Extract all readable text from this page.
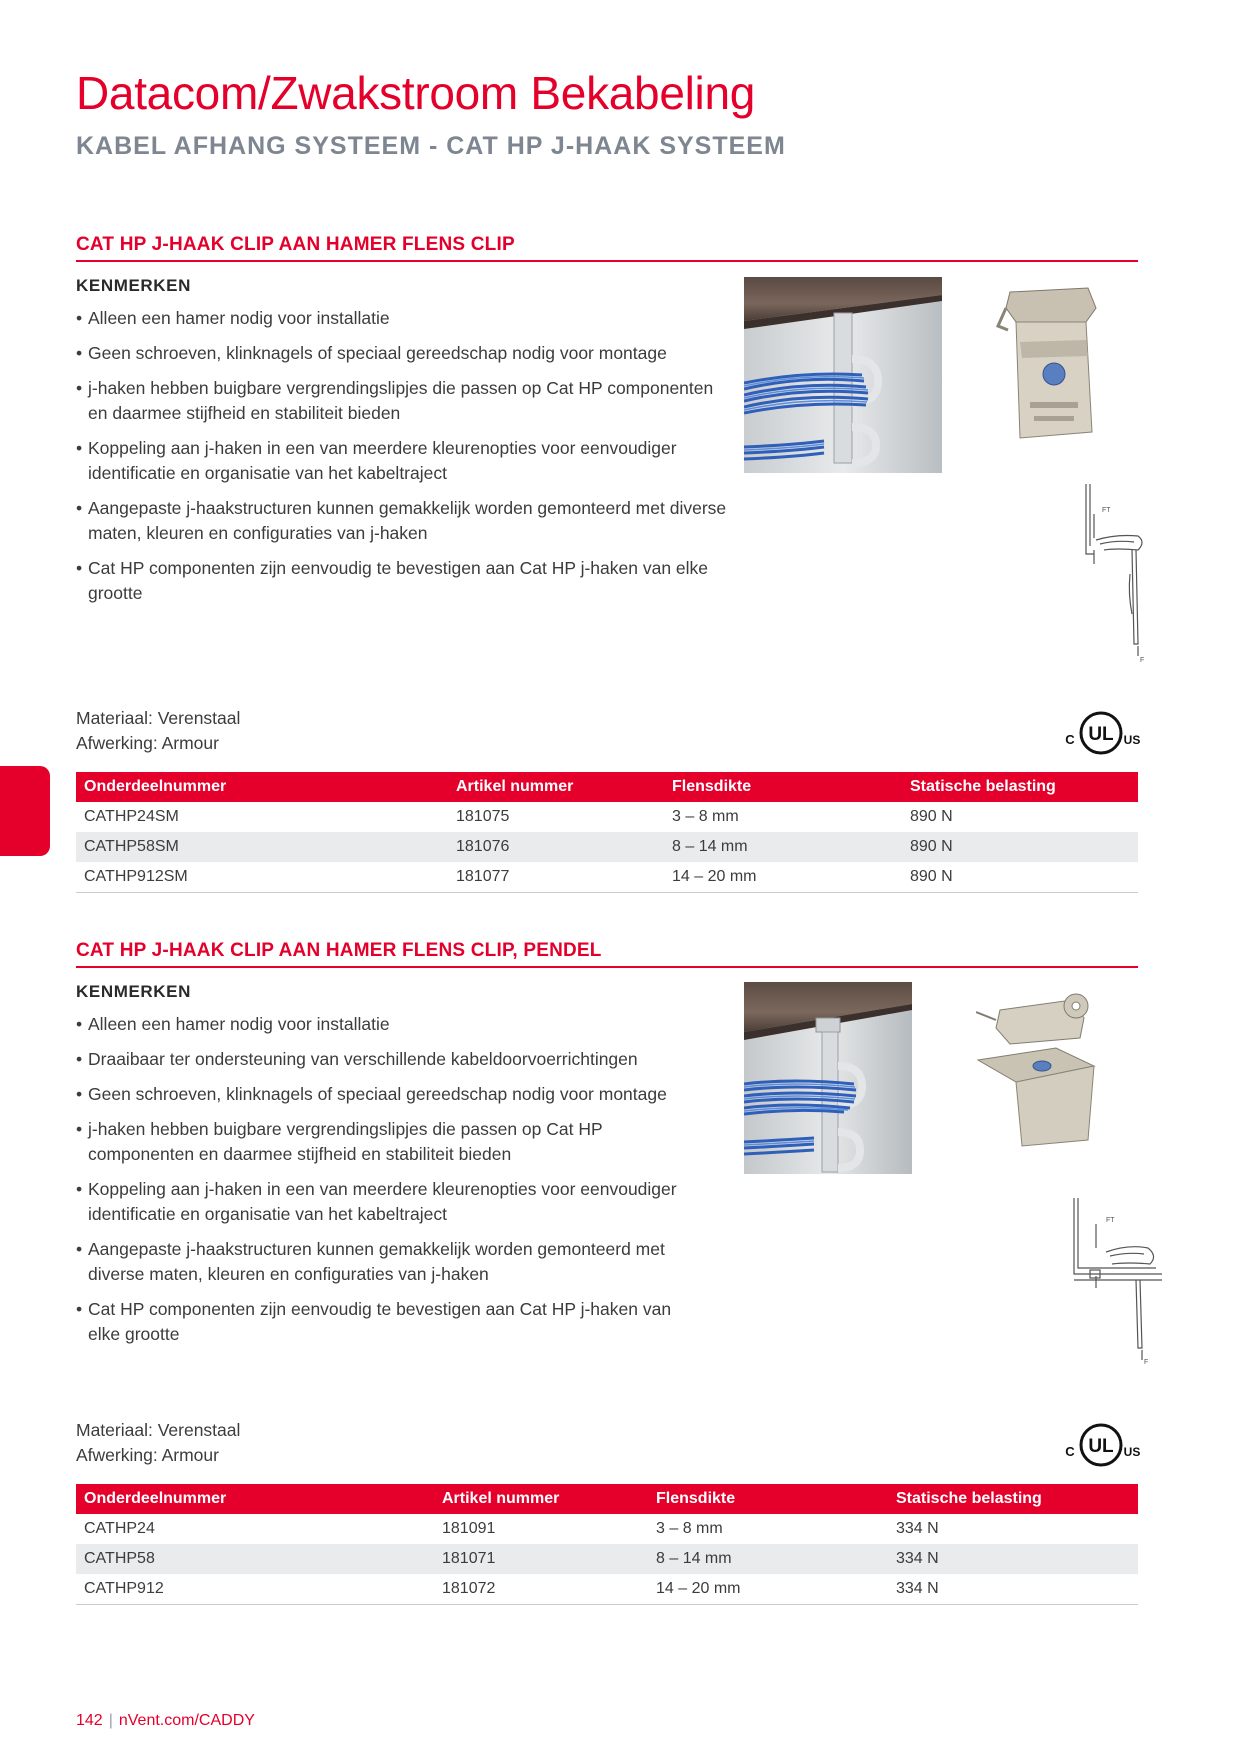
Datacom/Zwakstroom Bekabeling
KABEL AFHANG SYSTEEM - CAT HP J-HAAK SYSTEEM
CAT HP J-HAAK CLIP AAN HAMER FLENS CLIP
KENMERKEN
• Alleen een hamer nodig voor installatie
• Geen schroeven, klinknagels of speciaal gereedschap nodig voor montage
• j-haken hebben buigbare vergrendingslipjes die passen op Cat HP componenten en daarmee stijfheid en stabiliteit bieden
• Koppeling aan j-haken in een van meerdere kleurenopties voor eenvoudiger identificatie en organisatie van het kabeltraject
• Aangepaste j-haakstructuren kunnen gemakkelijk worden gemonteerd met diverse maten, kleuren en configuraties van j-haken
• Cat HP componenten zijn eenvoudig te bevestigen aan Cat HP j-haken van elke grootte
FT
F
Materiaal: Verenstaal
Afwerking: Armour	UL
C	US
Onderdeelnummer	Artikel nummer	Flensdikte	Statische belasting
CATHP24SM	181075	3 – 8 mm	890 N
CATHP58SM	181076	8 – 14 mm	890 N
CATHP912SM	181077	14 – 20 mm	890 N
CAT HP J-HAAK CLIP AAN HAMER FLENS CLIP, PENDEL
KENMERKEN
• Alleen een hamer nodig voor installatie
• Draaibaar ter ondersteuning van verschillende kabeldoorvoerrichtingen
• Geen schroeven, klinknagels of speciaal gereedschap nodig voor montage
• j-haken hebben buigbare vergrendingslipjes die passen op Cat HP componenten en daarmee stijfheid en stabiliteit bieden
• Koppeling aan j-haken in een van meerdere kleurenopties voor eenvoudiger identificatie en organisatie van het kabeltraject
• Aangepaste j-haakstructuren kunnen gemakkelijk worden gemonteerd met diverse maten, kleuren en configuraties van j-haken
• Cat HP componenten zijn eenvoudig te bevestigen aan Cat HP j-haken van elke grootte
FT
F
Materiaal: Verenstaal
Afwerking: Armour	UL
C	US
Onderdeelnummer	Artikel nummer	Flensdikte	Statische belasting
CATHP24	181091	3 – 8 mm	334 N
CATHP58	181071	8 – 14 mm	334 N
CATHP912	181072	14 – 20 mm	334 N
142 | nVent.com/CADDY
